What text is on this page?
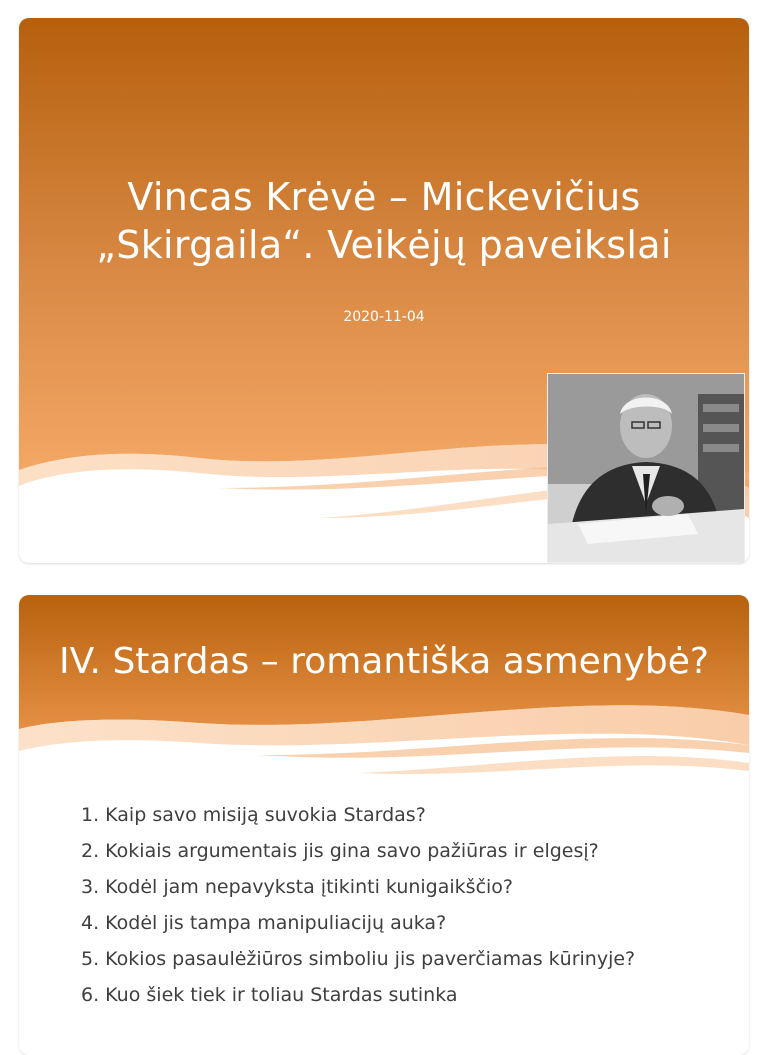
Vincas Krėvė – Mickevičius
„Skirgaila“. Veikėjų paveikslai
2020-11-04
IV. Stardas – romantiška asmenybė?
1. Kaip savo misiją suvokia Stardas?
2. Kokiais argumentais jis gina savo pažiūras ir elgesį?
3. Kodėl jam nepavyksta įtikinti kunigaikščio?
4. Kodėl jis tampa manipuliacijų auka?
5. Kokios pasaulėžiūros simboliu jis paverčiamas kūrinyje?
6. Kuo šiek tiek ir toliau Stardas sutinka
